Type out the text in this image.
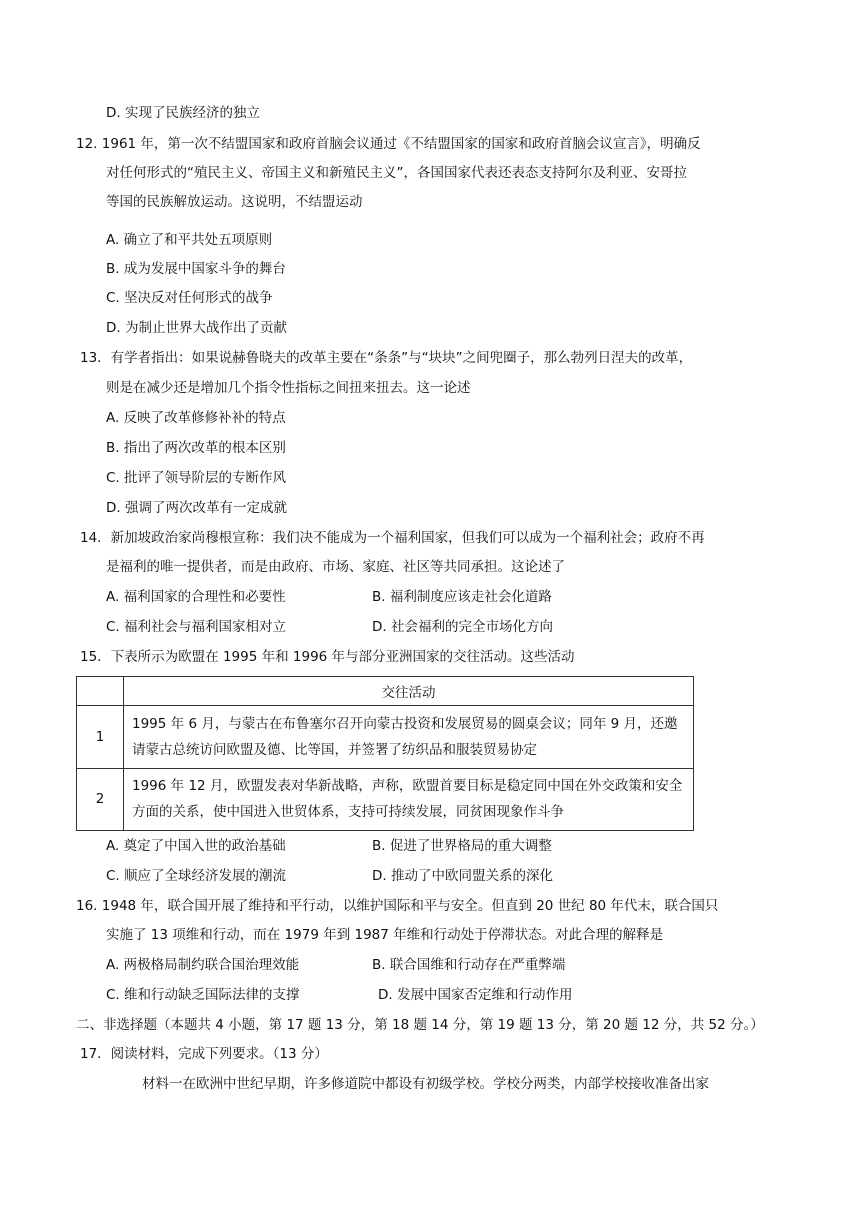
D. 实现了民族经济的独立
12. 1961 年，第一次不结盟国家和政府首脑会议通过《不结盟国家的国家和政府首脑会议宣言》，明确反
对任何形式的“殖民主义、帝国主义和新殖民主义”，各国国家代表还表态支持阿尔及利亚、安哥拉
等国的民族解放运动。这说明，不结盟运动
A. 确立了和平共处五项原则
B. 成为发展中国家斗争的舞台
C. 坚决反对任何形式的战争
D. 为制止世界大战作出了贡献
13．有学者指出：如果说赫鲁晓夫的改革主要在“条条”与“块块”之间兜圈子，那么勃列日涅夫的改革，
则是在减少还是增加几个指令性指标之间扭来扭去。这一论述
A. 反映了改革修修补补的特点
B. 指出了两次改革的根本区别
C. 批评了领导阶层的专断作风
D. 强调了两次改革有一定成就
14．新加坡政治家尚穆根宣称：我们决不能成为一个福利国家，但我们可以成为一个福利社会；政府不再
是福利的唯一提供者，而是由政府、市场、家庭、社区等共同承担。这论述了
A. 福利国家的合理性和必要性	B. 福利制度应该走社会化道路
C. 福利社会与福利国家相对立	D. 社会福利的完全市场化方向
15．下表所示为欧盟在 1995 年和 1996 年与部分亚洲国家的交往活动。这些活动
	交往活动
1	1995 年 6 月，与蒙古在布鲁塞尔召开向蒙古投资和发展贸易的圆桌会议；同年 9 月，还邀请蒙古总统访问欧盟及德、比等国，并签署了纺织品和服装贸易协定
2	1996 年 12 月，欧盟发表对华新战略，声称，欧盟首要目标是稳定同中国在外交政策和安全方面的关系，使中国进入世贸体系，支持可持续发展，同贫困现象作斗争
A. 奠定了中国入世的政治基础	B. 促进了世界格局的重大调整
C. 顺应了全球经济发展的潮流	D. 推动了中欧同盟关系的深化
16. 1948 年，联合国开展了维持和平行动，以维护国际和平与安全。但直到 20 世纪 80 年代末，联合国只
实施了 13 项维和行动，而在 1979 年到 1987 年维和行动处于停滞状态。对此合理的解释是
A. 两极格局制约联合国治理效能	B. 联合国维和行动存在严重弊端
C. 维和行动缺乏国际法律的支撑	D. 发展中国家否定维和行动作用
二、非选择题（本题共 4 小题，第 17 题 13 分，第 18 题 14 分，第 19 题 13 分，第 20 题 12 分，共 52 分。）
17．阅读材料，完成下列要求。（13 分）
材料一在欧洲中世纪早期，许多修道院中都设有初级学校。学校分两类，内部学校接收准备出家
